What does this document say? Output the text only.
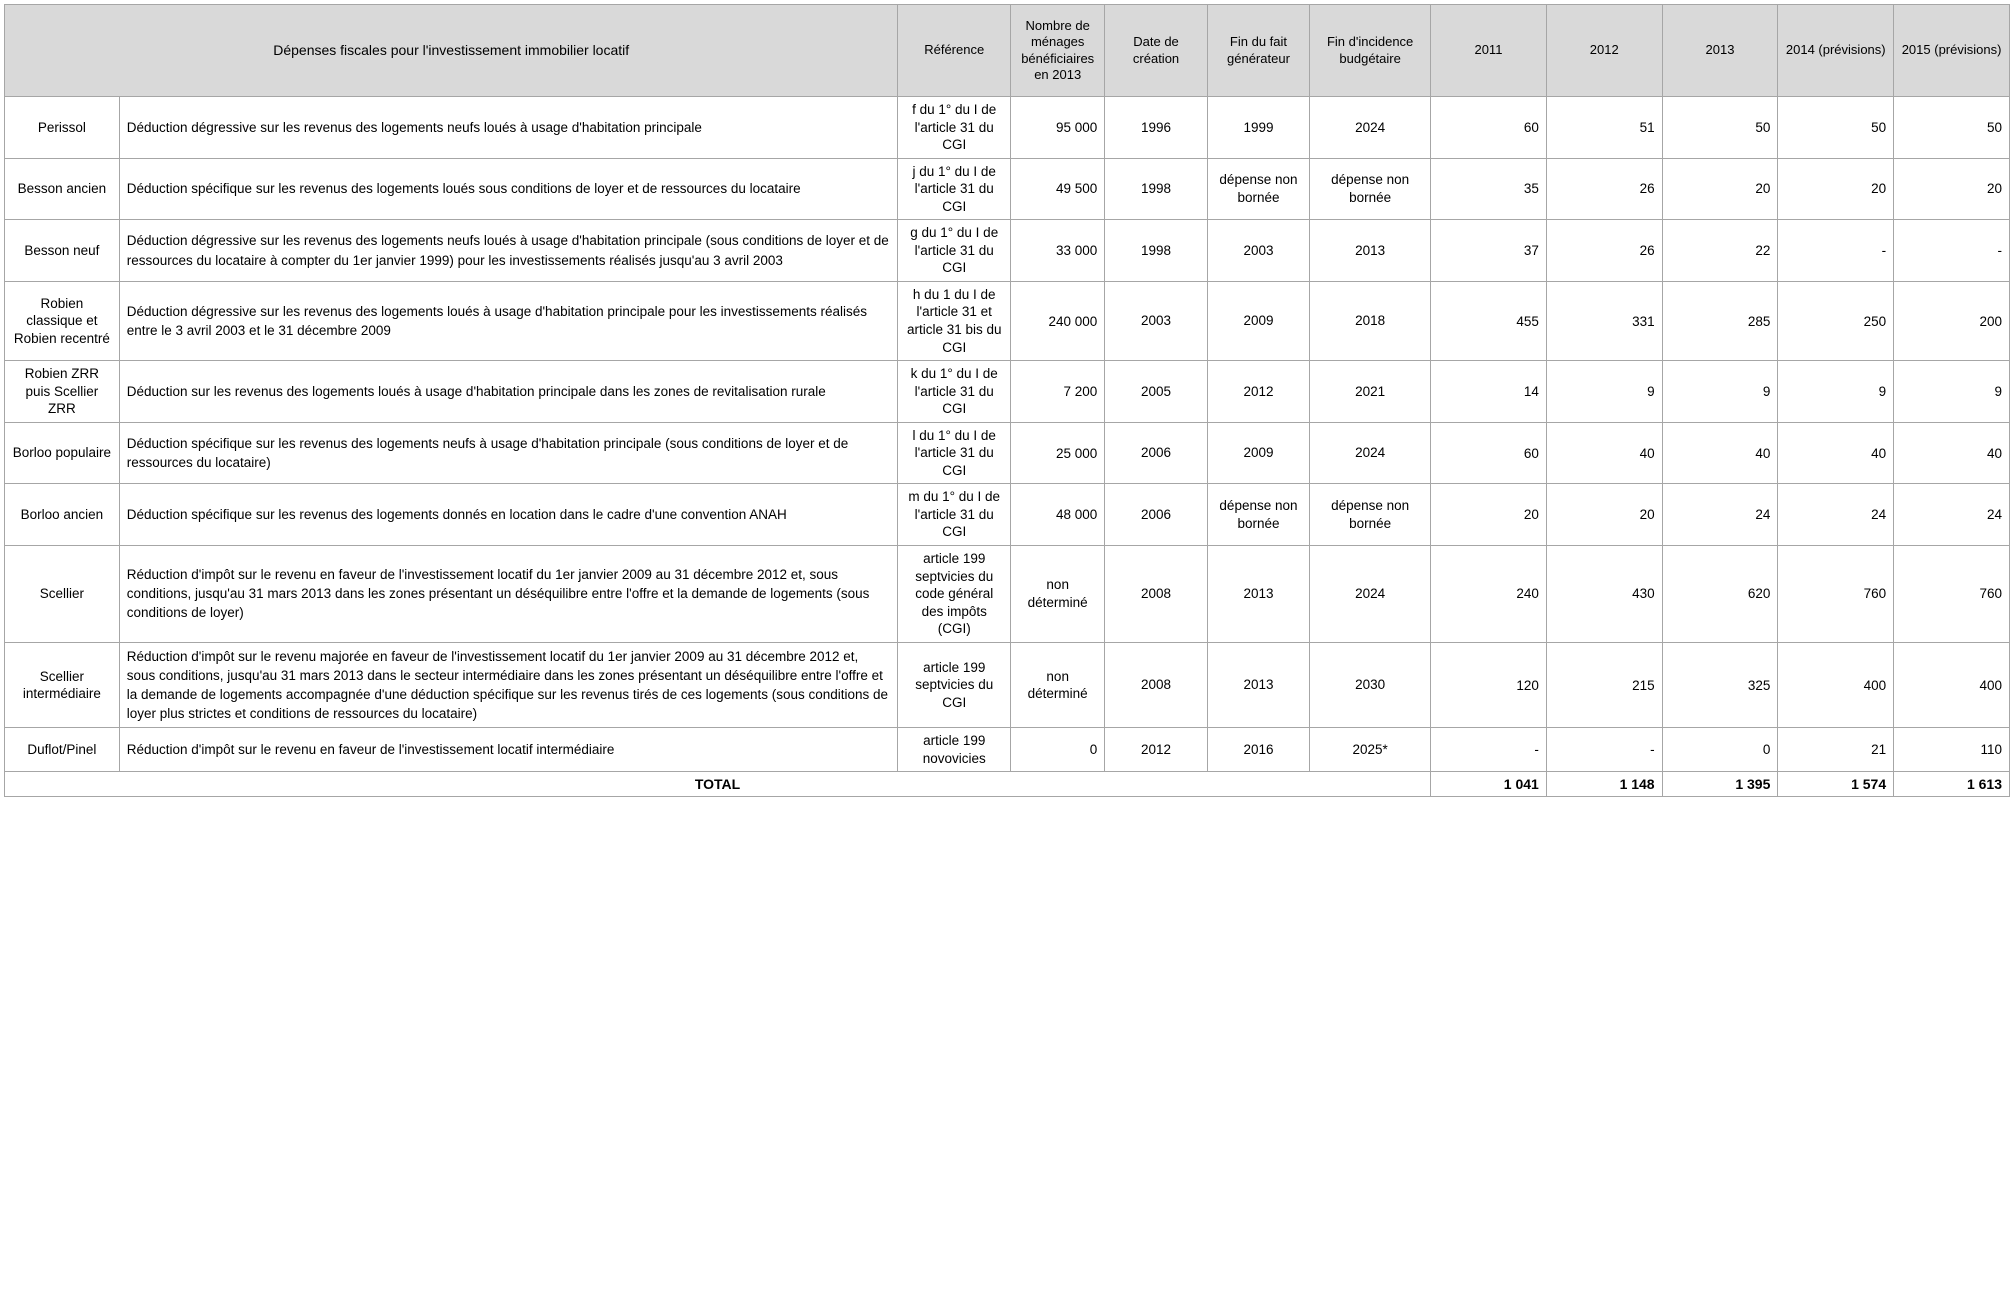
Dépenses fiscales pour l'investissement immobilier locatif		Référence	Nombre de ménages bénéficiaires en 2013	Date de création	Fin du fait générateur	Fin d'incidence budgétaire	2011	2012	2013	2014 (prévisions)	2015 (prévisions)
Perissol	Déduction dégressive sur les revenus des logements neufs loués à usage d'habitation principale	f du 1° du I de l'article 31 du CGI	95 000	1996	1999	2024	60	51	50	50	50
Besson ancien	Déduction spécifique sur les revenus des logements loués sous conditions de loyer et de ressources du locataire	j du 1° du I de l'article 31 du CGI	49 500	1998	dépense non bornée	dépense non bornée	35	26	20	20	20
Besson neuf	Déduction dégressive sur les revenus des logements neufs loués à usage d'habitation principale (sous conditions de loyer et de ressources du locataire à compter du 1er janvier 1999) pour les investissements réalisés jusqu'au 3 avril 2003	g du 1° du I de l'article 31 du CGI	33 000	1998	2003	2013	37	26	22	-	-
Robien classique et Robien recentré	Déduction dégressive sur les revenus des logements loués à usage d'habitation principale pour les investissements réalisés entre le 3 avril 2003 et le 31 décembre 2009	h du 1 du I de l'article 31 et article 31 bis du CGI	240 000	2003	2009	2018	455	331	285	250	200
Robien ZRR puis Scellier ZRR	Déduction sur les revenus des logements loués à usage d'habitation principale dans les zones de revitalisation rurale	k du 1° du I de l'article 31 du CGI	7 200	2005	2012	2021	14	9	9	9	9
Borloo populaire	Déduction spécifique sur les revenus des logements neufs à usage d'habitation principale (sous conditions de loyer et de ressources du locataire)	l du 1° du I de l'article 31 du CGI	25 000	2006	2009	2024	60	40	40	40	40
Borloo ancien	Déduction spécifique sur les revenus des logements donnés en location dans le cadre d'une convention ANAH	m du 1° du I de l'article 31 du CGI	48 000	2006	dépense non bornée	dépense non bornée	20	20	24	24	24
Scellier	Réduction d'impôt sur le revenu en faveur de l'investissement locatif du 1er janvier 2009 au 31 décembre 2012 et, sous conditions, jusqu'au 31 mars 2013 dans les zones présentant un déséquilibre entre l'offre et la demande de logements (sous conditions de loyer)	article 199 septvicies du code général des impôts (CGI)	non déterminé	2008	2013	2024	240	430	620	760	760
Scellier intermédiaire	Réduction d'impôt sur le revenu majorée en faveur de l'investissement locatif du 1er janvier 2009 au 31 décembre 2012 et, sous conditions, jusqu'au 31 mars 2013 dans le secteur intermédiaire dans les zones présentant un déséquilibre entre l'offre et la demande de logements accompagnée d'une déduction spécifique sur les revenus tirés de ces logements (sous conditions de loyer plus strictes et conditions de ressources du locataire)	article 199 septvicies du CGI	non déterminé	2008	2013	2030	120	215	325	400	400
Duflot/Pinel	Réduction d'impôt sur le revenu en faveur de l'investissement locatif intermédiaire	article 199 novovicies	0	2012	2016	2025*	-	-	0	21	110
TOTAL							1 041	1 148	1 395	1 574	1 613
